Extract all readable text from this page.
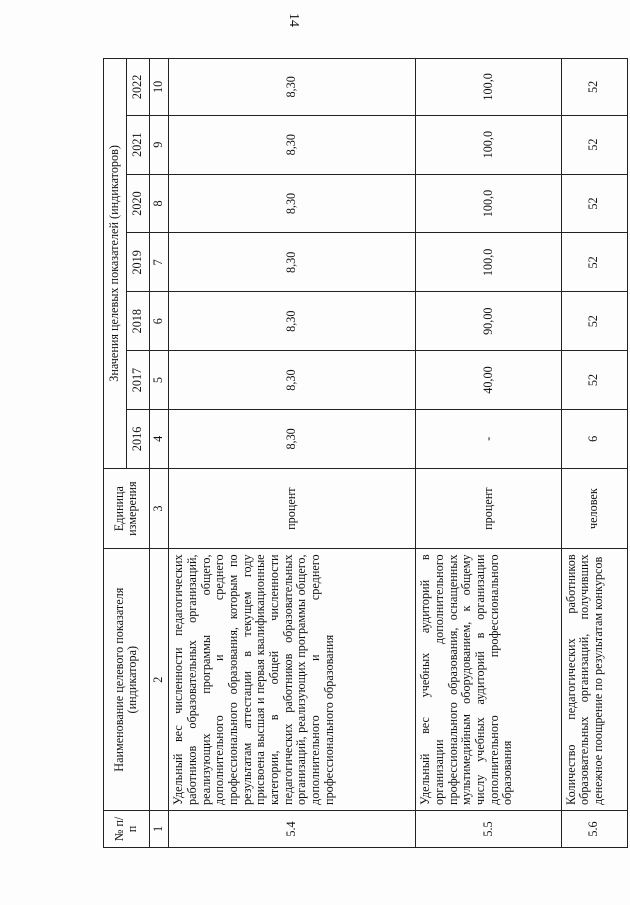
14
№ п/п	Наименование целевого показателя (индикатора)	Единица измерения	Значения целевых показателей (индикаторов)						
			2016	2017	2018	2019	2020	2021	2022
1	2	3	4	5	6	7	8	9	10
5.4	Удельный вес численности педагогических работников образовательных организаций, реализующих программы общего, дополнительного и среднего профессионального образования, которым по результатам аттестации в текущем году присвоена высшая и первая квалификационные категории, в общей численности педагогических работников образовательных организаций, реализующих программы общего, дополнительного и среднего профессионального образования	процент	8,30	8,30	8,30	8,30	8,30	8,30	8,30
5.5	Удельный вес учебных аудиторий в организации дополнительного профессионального образования, оснащенных мультимедийным оборудованием, к общему числу учебных аудиторий в организации дополнительного профессионального образования	процент	-	40,00	90,00	100,0	100,0	100,0	100,0
5.6	Количество педагогических работников образовательных организаций, получивших денежное поощрение по результатам конкурсов	человек	6	52	52	52	52	52	52
